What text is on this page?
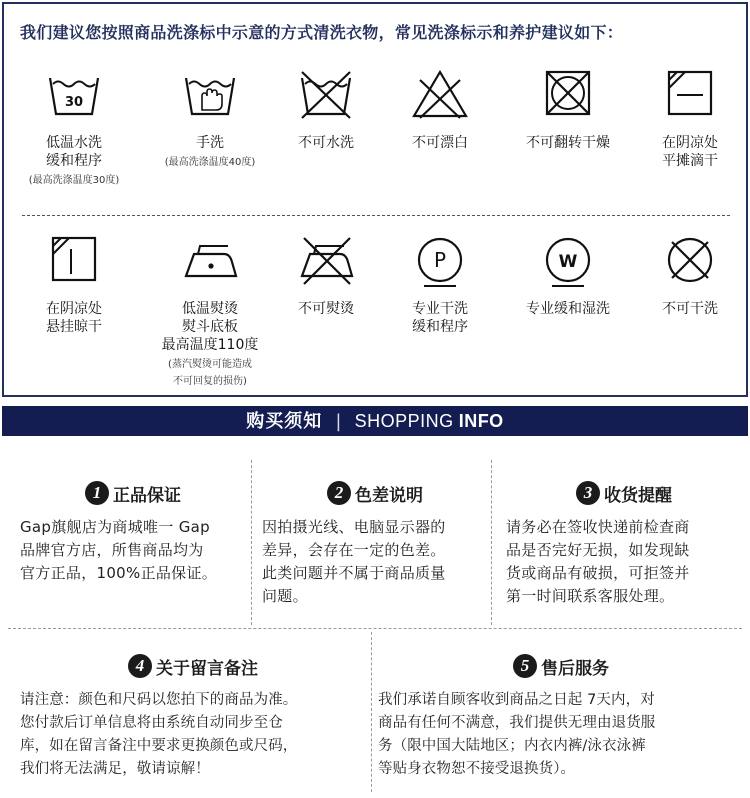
我们建议您按照商品洗涤标中示意的方式清洗衣物，常见洗涤标示和养护建议如下：
30
低温水洗
缓和程序
(最高洗涤温度30度)
手洗
(最高洗涤温度40度)
不可水洗	不可漂白	不可翻转干燥	在阴凉处
平摊滴干
在阴凉处
悬挂晾干
低温熨烫
熨斗底板
最高温度110度
(蒸汽熨烫可能造成
不可回复的损伤)
不可熨烫
P
专业干洗
缓和程序
W
专业缓和湿洗	不可干洗
购买须知 | SHOPPING INFO
1 正品保证
Gap旗舰店为商城唯一 Gap
品牌官方店，所售商品均为
官方正品，100%正品保证。
2 色差说明
因拍摄光线、电脑显示器的
差异，会存在一定的色差。
此类问题并不属于商品质量
问题。
3 收货提醒
请务必在签收快递前检查商
品是否完好无损，如发现缺
货或商品有破损，可拒签并
第一时间联系客服处理。
4 关于留言备注
请注意：颜色和尺码以您拍下的商品为准。
您付款后订单信息将由系统自动同步至仓
库，如在留言备注中要求更换颜色或尺码，
我们将无法满足，敬请谅解！
5 售后服务
我们承诺自顾客收到商品之日起 7天内，对
商品有任何不满意，我们提供无理由退货服
务（限中国大陆地区；内衣内裤/泳衣泳裤
等贴身衣物恕不接受退换货）。
